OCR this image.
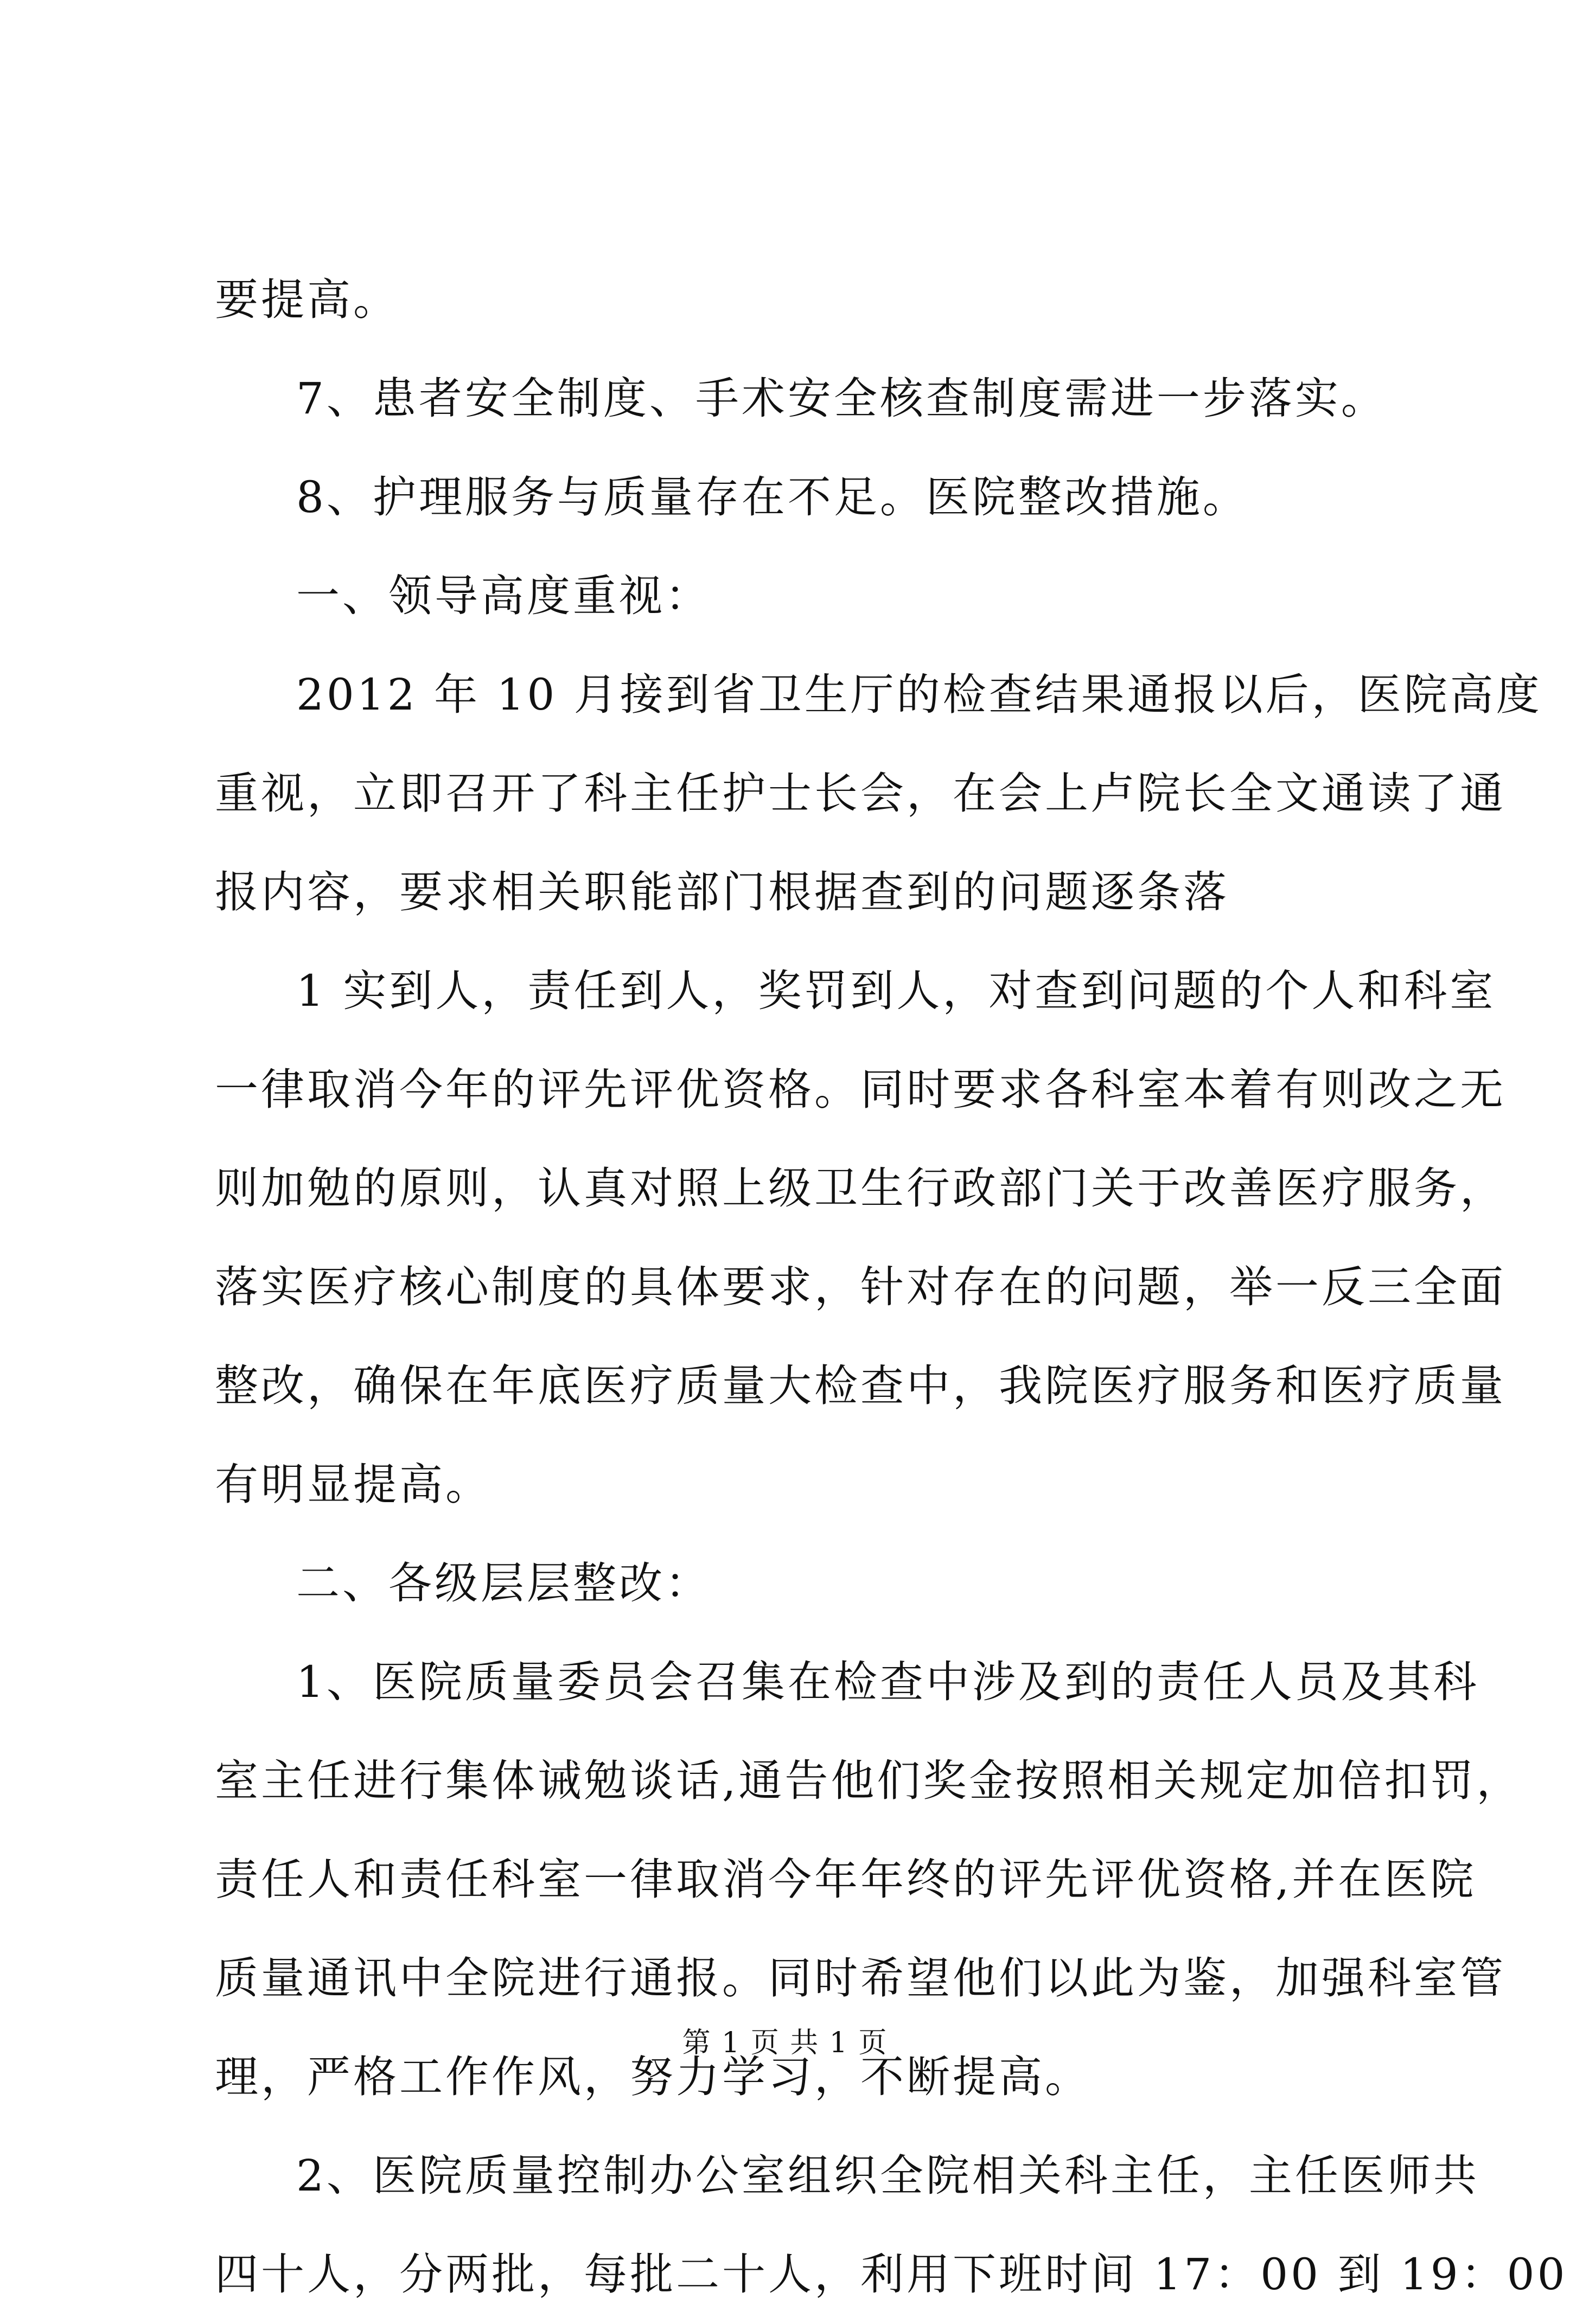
要提高。
7、患者安全制度、手术安全核查制度需进一步落实。
8、护理服务与质量存在不足。医院整改措施。
一、领导高度重视：
2012 年 10 月接到省卫生厅的检查结果通报以后，医院高度
重视，立即召开了科主任护士长会，在会上卢院长全文通读了通
报内容，要求相关职能部门根据查到的问题逐条落
1 实到人，责任到人，奖罚到人，对查到问题的个人和科室
一律取消今年的评先评优资格。同时要求各科室本着有则改之无
则加勉的原则，认真对照上级卫生行政部门关于改善医疗服务，
落实医疗核心制度的具体要求，针对存在的问题，举一反三全面
整改，确保在年底医疗质量大检查中，我院医疗服务和医疗质量
有明显提高。
二、各级层层整改：
1、医院质量委员会召集在检查中涉及到的责任人员及其科
室主任进行集体诫勉谈话,通告他们奖金按照相关规定加倍扣罚，
责任人和责任科室一律取消今年年终的评先评优资格,并在医院
质量通讯中全院进行通报。同时希望他们以此为鉴，加强科室管
理，严格工作作风，努力学习，不断提高。
2、医院质量控制办公室组织全院相关科主任，主任医师共
四十人，分两批，每批二十人，利用下班时间 17：00 到 19：00
第 1 页 共 1 页
